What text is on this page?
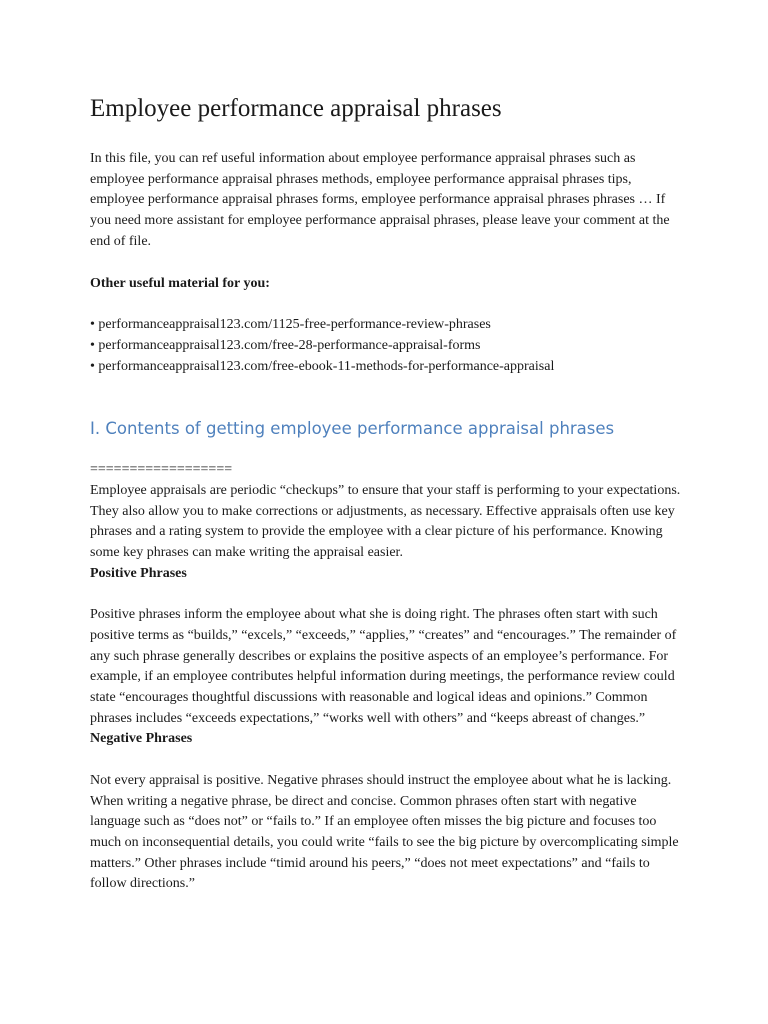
Employee performance appraisal phrases

In this file, you can ref useful information about employee performance appraisal phrases such as employee performance appraisal phrases methods, employee performance appraisal phrases tips, employee performance appraisal phrases forms, employee performance appraisal phrases phrases … If you need more assistant for employee performance appraisal phrases, please leave your comment at the end of file.

Other useful material for you:

• performanceappraisal123.com/1125-free-performance-review-phrases
• performanceappraisal123.com/free-28-performance-appraisal-forms
• performanceappraisal123.com/free-ebook-11-methods-for-performance-appraisal
I. Contents of getting employee performance appraisal phrases

==================

Employee appraisals are periodic “checkups” to ensure that your staff is performing to your expectations. They also allow you to make corrections or adjustments, as necessary. Effective appraisals often use key phrases and a rating system to provide the employee with a clear picture of his performance. Knowing some key phrases can make writing the appraisal easier.

Positive Phrases

Positive phrases inform the employee about what she is doing right. The phrases often start with such positive terms as “builds,” “excels,” “exceeds,” “applies,” “creates” and “encourages.” The remainder of any such phrase generally describes or explains the positive aspects of an employee’s performance. For example, if an employee contributes helpful information during meetings, the performance review could state “encourages thoughtful discussions with reasonable and logical ideas and opinions.” Common phrases includes “exceeds expectations,” “works well with others” and “keeps abreast of changes.”

Negative Phrases

Not every appraisal is positive. Negative phrases should instruct the employee about what he is lacking. When writing a negative phrase, be direct and concise. Common phrases often start with negative language such as “does not” or “fails to.” If an employee often misses the big picture and focuses too much on inconsequential details, you could write “fails to see the big picture by overcomplicating simple matters.” Other phrases include “timid around his peers,” “does not meet expectations” and “fails to follow directions.”
